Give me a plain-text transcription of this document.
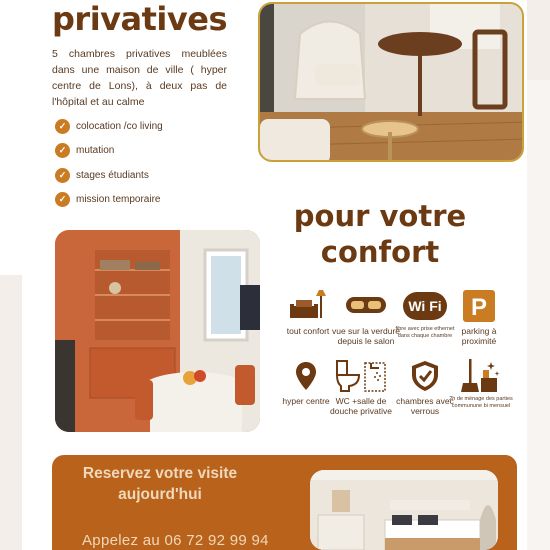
privatives

5 chambres privatives meublées dans une maison de ville ( hyper centre de Lons), à deux pas de l'hôpital et au calme

✓ colocation /co living
✓ mutation
✓ stages étudiants
✓ mission temporaire	pour votre confort
tout confort vue sur la verdure depuis le salon
Wi Fi
fibre avec prise ethernet dans chaque chambre
P
parking à proximité
hyper centre WC +salle de douche privative
chambres avec verrous
2h de ménage des parties communune bi mensuel
Reservez votre visite aujourd'hui
Appelez au 06 72 92 99 94
